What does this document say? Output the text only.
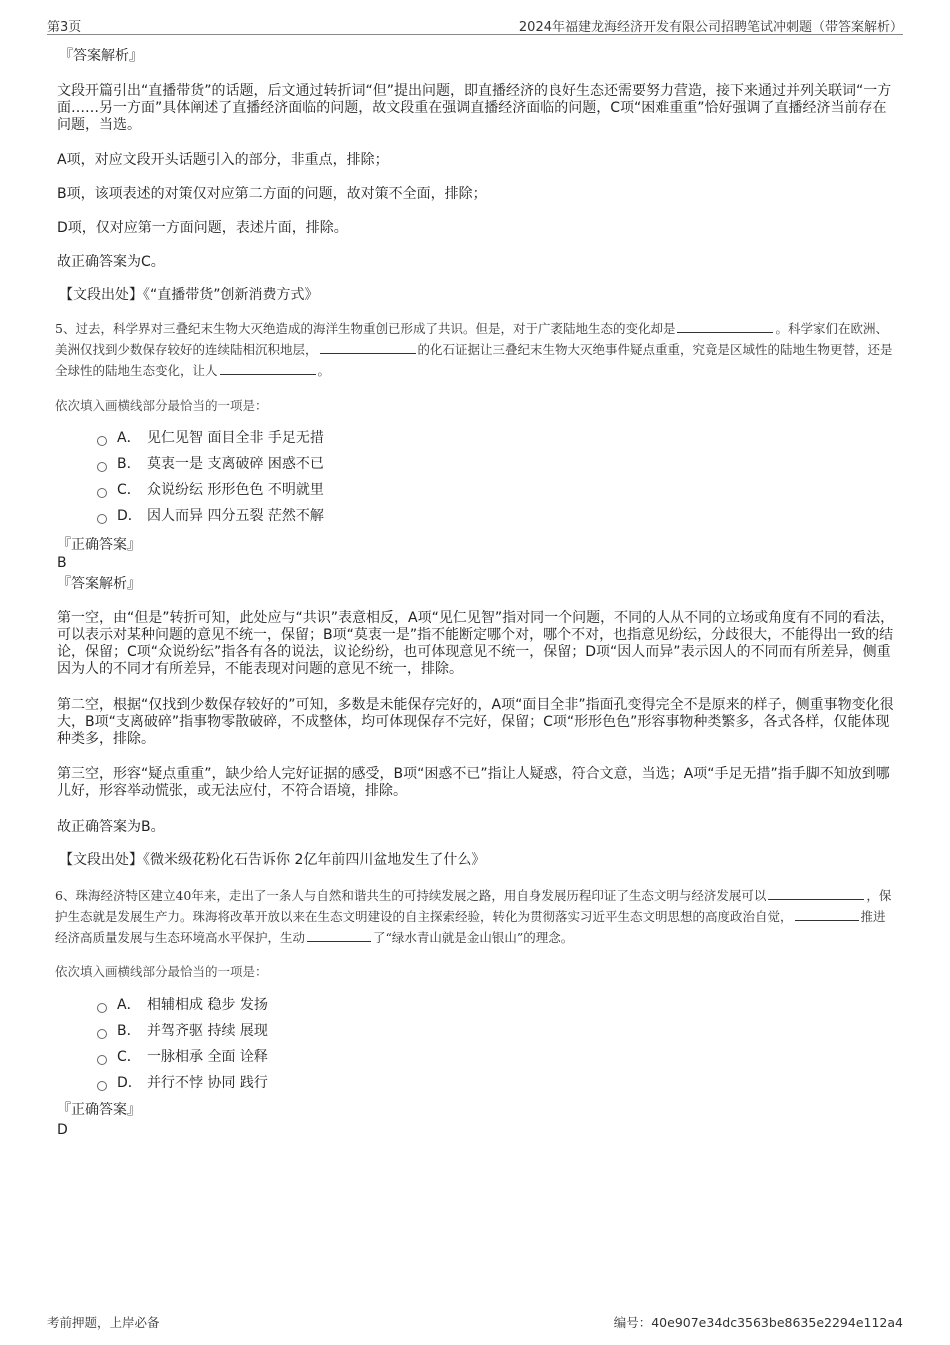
第3页	2024年福建龙海经济开发有限公司招聘笔试冲刺题（带答案解析）
『答案解析』
文段开篇引出“直播带货”的话题，后文通过转折词“但”提出问题，即直播经济的良好生态还需要努力营造，接下来通过并列关联词“一方面……另一方面”具体阐述了直播经济面临的问题，故文段重在强调直播经济面临的问题，C项“困难重重”恰好强调了直播经济当前存在问题，当选。
A项，对应文段开头话题引入的部分，非重点，排除；
B项，该项表述的对策仅对应第二方面的问题，故对策不全面，排除；
D项，仅对应第一方面问题，表述片面，排除。
故正确答案为C。
【文段出处】《“直播带货”创新消费方式》
5、过去，科学界对三叠纪末生物大灭绝造成的海洋生物重创已形成了共识。但是，对于广袤陆地生态的变化却是	。科学家们在欧洲、美洲仅找到少数保存较好的连续陆相沉积地层，	的化石证据让三叠纪末生物大灭绝事件疑点重重，究竟是区域性的陆地生物更替，还是全球性的陆地生态变化，让人	。
依次填入画横线部分最恰当的一项是：
A． 见仁见智 面目全非 手足无措
B． 莫衷一是 支离破碎 困惑不已
C． 众说纷纭 形形色色 不明就里
D． 因人而异 四分五裂 茫然不解
『正确答案』
B
『答案解析』
第一空，由“但是”转折可知，此处应与“共识”表意相反，A项“见仁见智”指对同一个问题，不同的人从不同的立场或角度有不同的看法，可以表示对某种问题的意见不统一，保留；B项“莫衷一是”指不能断定哪个对，哪个不对，也指意见纷纭，分歧很大，不能得出一致的结论，保留；C项“众说纷纭”指各有各的说法，议论纷纷，也可体现意见不统一，保留；D项“因人而异”表示因人的不同而有所差异，侧重因为人的不同才有所差异，不能表现对问题的意见不统一，排除。
第二空，根据“仅找到少数保存较好的”可知，多数是未能保存完好的，A项“面目全非”指面孔变得完全不是原来的样子，侧重事物变化很大，B项“支离破碎”指事物零散破碎，不成整体，均可体现保存不完好，保留；C项“形形色色”形容事物种类繁多，各式各样，仅能体现种类多，排除。
第三空，形容“疑点重重”，缺少给人完好证据的感受，B项“困惑不已”指让人疑惑，符合文意，当选；A项“手足无措”指手脚不知放到哪儿好，形容举动慌张，或无法应付，不符合语境，排除。
故正确答案为B。
【文段出处】《微米级花粉化石告诉你 2亿年前四川盆地发生了什么》
6、珠海经济特区建立40年来，走出了一条人与自然和谐共生的可持续发展之路，用自身发展历程印证了生态文明与经济发展可以	，保护生态就是发展生产力。珠海将改革开放以来在生态文明建设的自主探索经验，转化为贯彻落实习近平生态文明思想的高度政治自觉，	推进经济高质量发展与生态环境高水平保护，生动	了“绿水青山就是金山银山”的理念。
依次填入画横线部分最恰当的一项是：
A． 相辅相成 稳步 发扬
B． 并驾齐驱 持续 展现
C． 一脉相承 全面 诠释
D． 并行不悖 协同 践行
『正确答案』
D
考前押题，上岸必备	编号：40e907e34dc3563be8635e2294e112a4
